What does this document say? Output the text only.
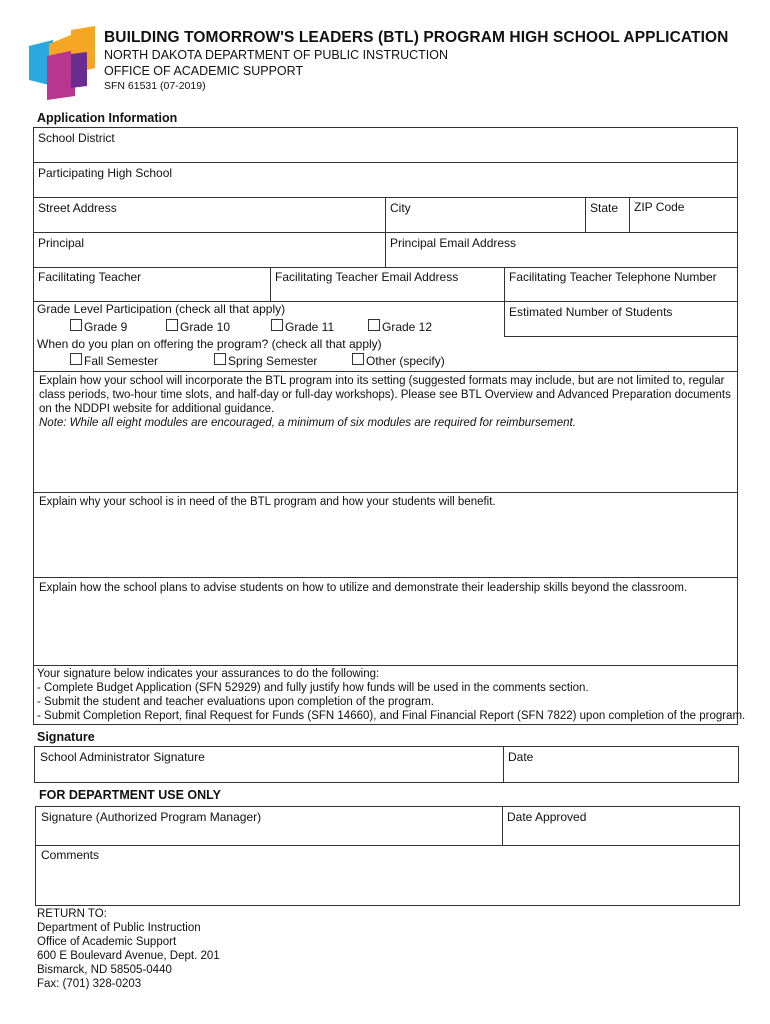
BUILDING TOMORROW'S LEADERS (BTL) PROGRAM HIGH SCHOOL APPLICATION
NORTH DAKOTA DEPARTMENT OF PUBLIC INSTRUCTION
OFFICE OF ACADEMIC SUPPORT
SFN 61531 (07-2019)
Application Information
School District
Participating High School
Street Address	City	State ZIP Code
Principal	Principal Email Address
Facilitating Teacher	Facilitating Teacher Email Address	Facilitating Teacher Telephone Number
Grade Level Participation (check all that apply)
Grade 9	Grade 10	Grade 11	Grade 12
Estimated Number of Students
When do you plan on offering the program? (check all that apply)
Fall Semester	Spring Semester	Other (specify)
Explain how your school will incorporate the BTL program into its setting (suggested formats may include, but are not limited to, regular class periods, two-hour time slots, and half-day or full-day workshops). Please see BTL Overview and Advanced Preparation documents on the NDDPI website for additional guidance.
Note: While all eight modules are encouraged, a minimum of six modules are required for reimbursement.
Explain why your school is in need of the BTL program and how your students will benefit.
Explain how the school plans to advise students on how to utilize and demonstrate their leadership skills beyond the classroom.
Your signature below indicates your assurances to do the following:
- Complete Budget Application (SFN 52929) and fully justify how funds will be used in the comments section.
- Submit the student and teacher evaluations upon completion of the program.
- Submit Completion Report, final Request for Funds (SFN 14660), and Final Financial Report (SFN 7822) upon completion of the program.
Signature
School Administrator Signature	Date
FOR DEPARTMENT USE ONLY
Signature (Authorized Program Manager)	Date Approved
Comments
RETURN TO:
Department of Public Instruction
Office of Academic Support
600 E Boulevard Avenue, Dept. 201
Bismarck, ND 58505-0440
Fax: (701) 328-0203
